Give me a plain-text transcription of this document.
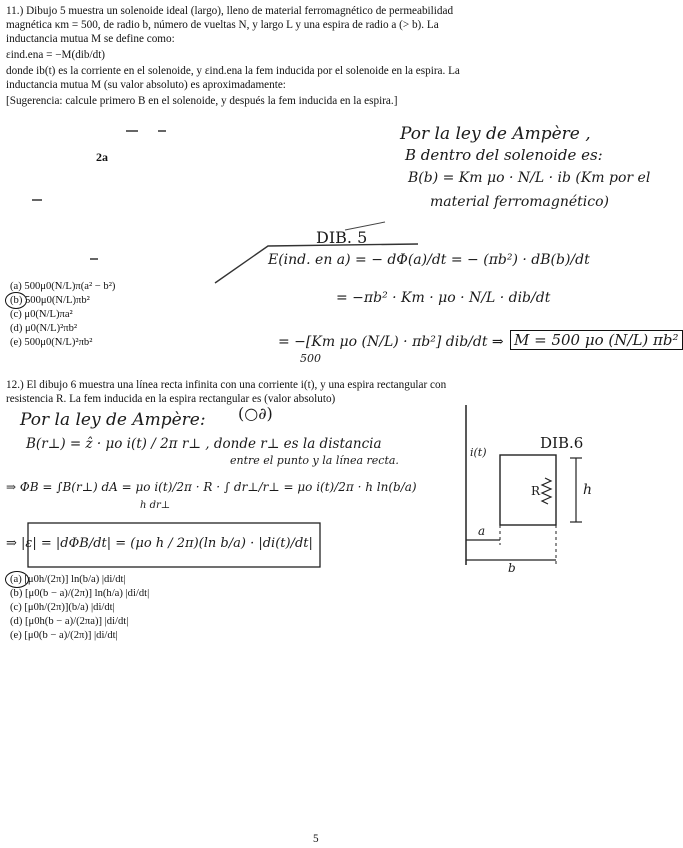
11.) Dibujo 5 muestra un solenoide ideal (largo), lleno de material ferromagnético de permeabilidad
magnética κm = 500, de radio b, número de vueltas N, y largo L y una espira de radio a (> b). La
inductancia mutua M se define como:
εind.ena = −M(dib/dt)
donde ib(t) es la corriente en el solenoide, y εind.ena la fem inducida por el solenoide en la espira. La
inductancia mutua M (su valor absoluto) es aproximadamente:
[Sugerencia: calcule primero B en el solenoide, y después la fem inducida en la espira.]
2a
DIB. 5
Por la ley de Ampère ,
B dentro del solenoide es:
B(b) = Km μo · N/L · ib (Km por el
material ferromagnético)
E(ind. en a) = − dΦ(a)/dt = − (πb²) · dB(b)/dt
= −πb² · Km · μo · N/L · dib/dt
= −[Km μo (N/L) · πb²] dib/dt ⇒
500
M = 500 μo (N/L) πb²
(a) 500μ0(N/L)π(a² − b²)
(b) 500μ0(N/L)πb²
(c) μ0(N/L)πa²
(d) μ0(N/L)²πb²
(e) 500μ0(N/L)²πb²
12.) El dibujo 6 muestra una línea recta infinita con una corriente i(t), y una espira rectangular con
resistencia R. La fem inducida en la espira rectangular es (valor absoluto)
DIB.6
i(t)
R	h
a
b
Por la ley de Ampère: (○∂)
B(r⊥) = ẑ · μo i(t) / 2π r⊥ , donde r⊥ es la distancia
entre el punto y la línea recta.
⇒ ΦB = ∫B(r⊥) dA = μo i(t)/2π · R · ∫ dr⊥/r⊥ = μo i(t)/2π · h ln(b/a)
h dr⊥
⇒ |ε| = |dΦB/dt| = (μo h / 2π)(ln b/a) · |di(t)/dt|
(a) [μ0h/(2π)] ln(b/a) |di/dt|
(b) [μ0(b − a)/(2π)] ln(h/a) |di/dt|
(c) [μ0h/(2π)](b/a) |di/dt|
(d) [μ0h(b − a)/(2πa)] |di/dt|
(e) [μ0(b − a)/(2π)] |di/dt|
5
